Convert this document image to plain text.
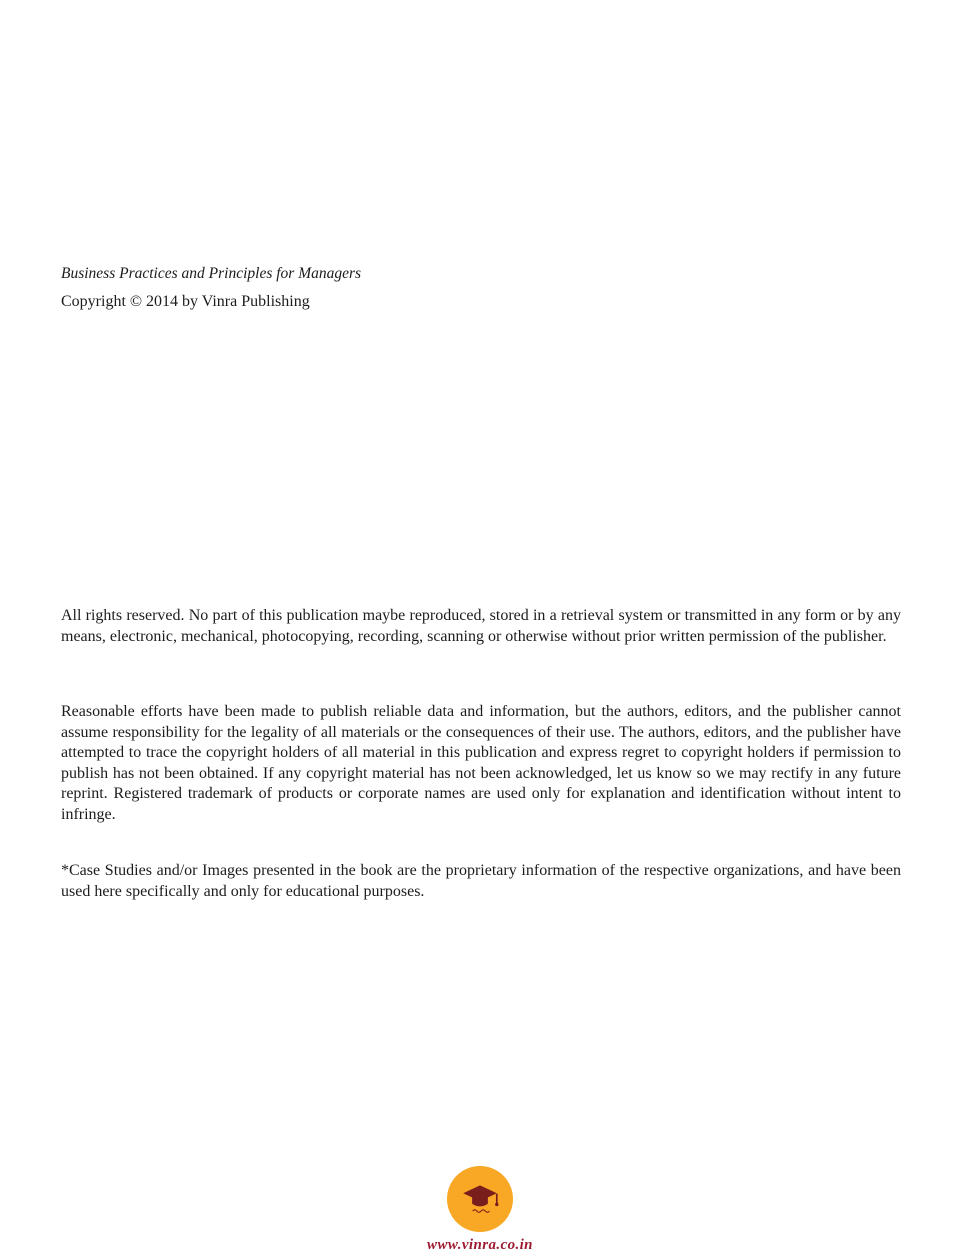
Business Practices and Principles for Managers

Copyright © 2014 by Vinra Publishing

All rights reserved. No part of this publication maybe reproduced, stored in a retrieval system or transmitted in any form or by any means, electronic, mechanical, photocopying, recording, scanning or otherwise without prior written permission of the publisher.

Reasonable efforts have been made to publish reliable data and information, but the authors, editors, and the publisher cannot assume responsibility for the legality of all materials or the consequences of their use. The authors, editors, and the publisher have attempted to trace the copyright holders of all material in this publication and express regret to copyright holders if permission to publish has not been obtained. If any copyright material has not been acknowledged, let us know so we may rectify in any future reprint. Registered trademark of products or corporate names are used only for explanation and identification without intent to infringe.

*Case Studies and/or Images presented in the book are the proprietary information of the respective organizations, and have been used here specifically and only for educational purposes.

www.vinra.co.in
